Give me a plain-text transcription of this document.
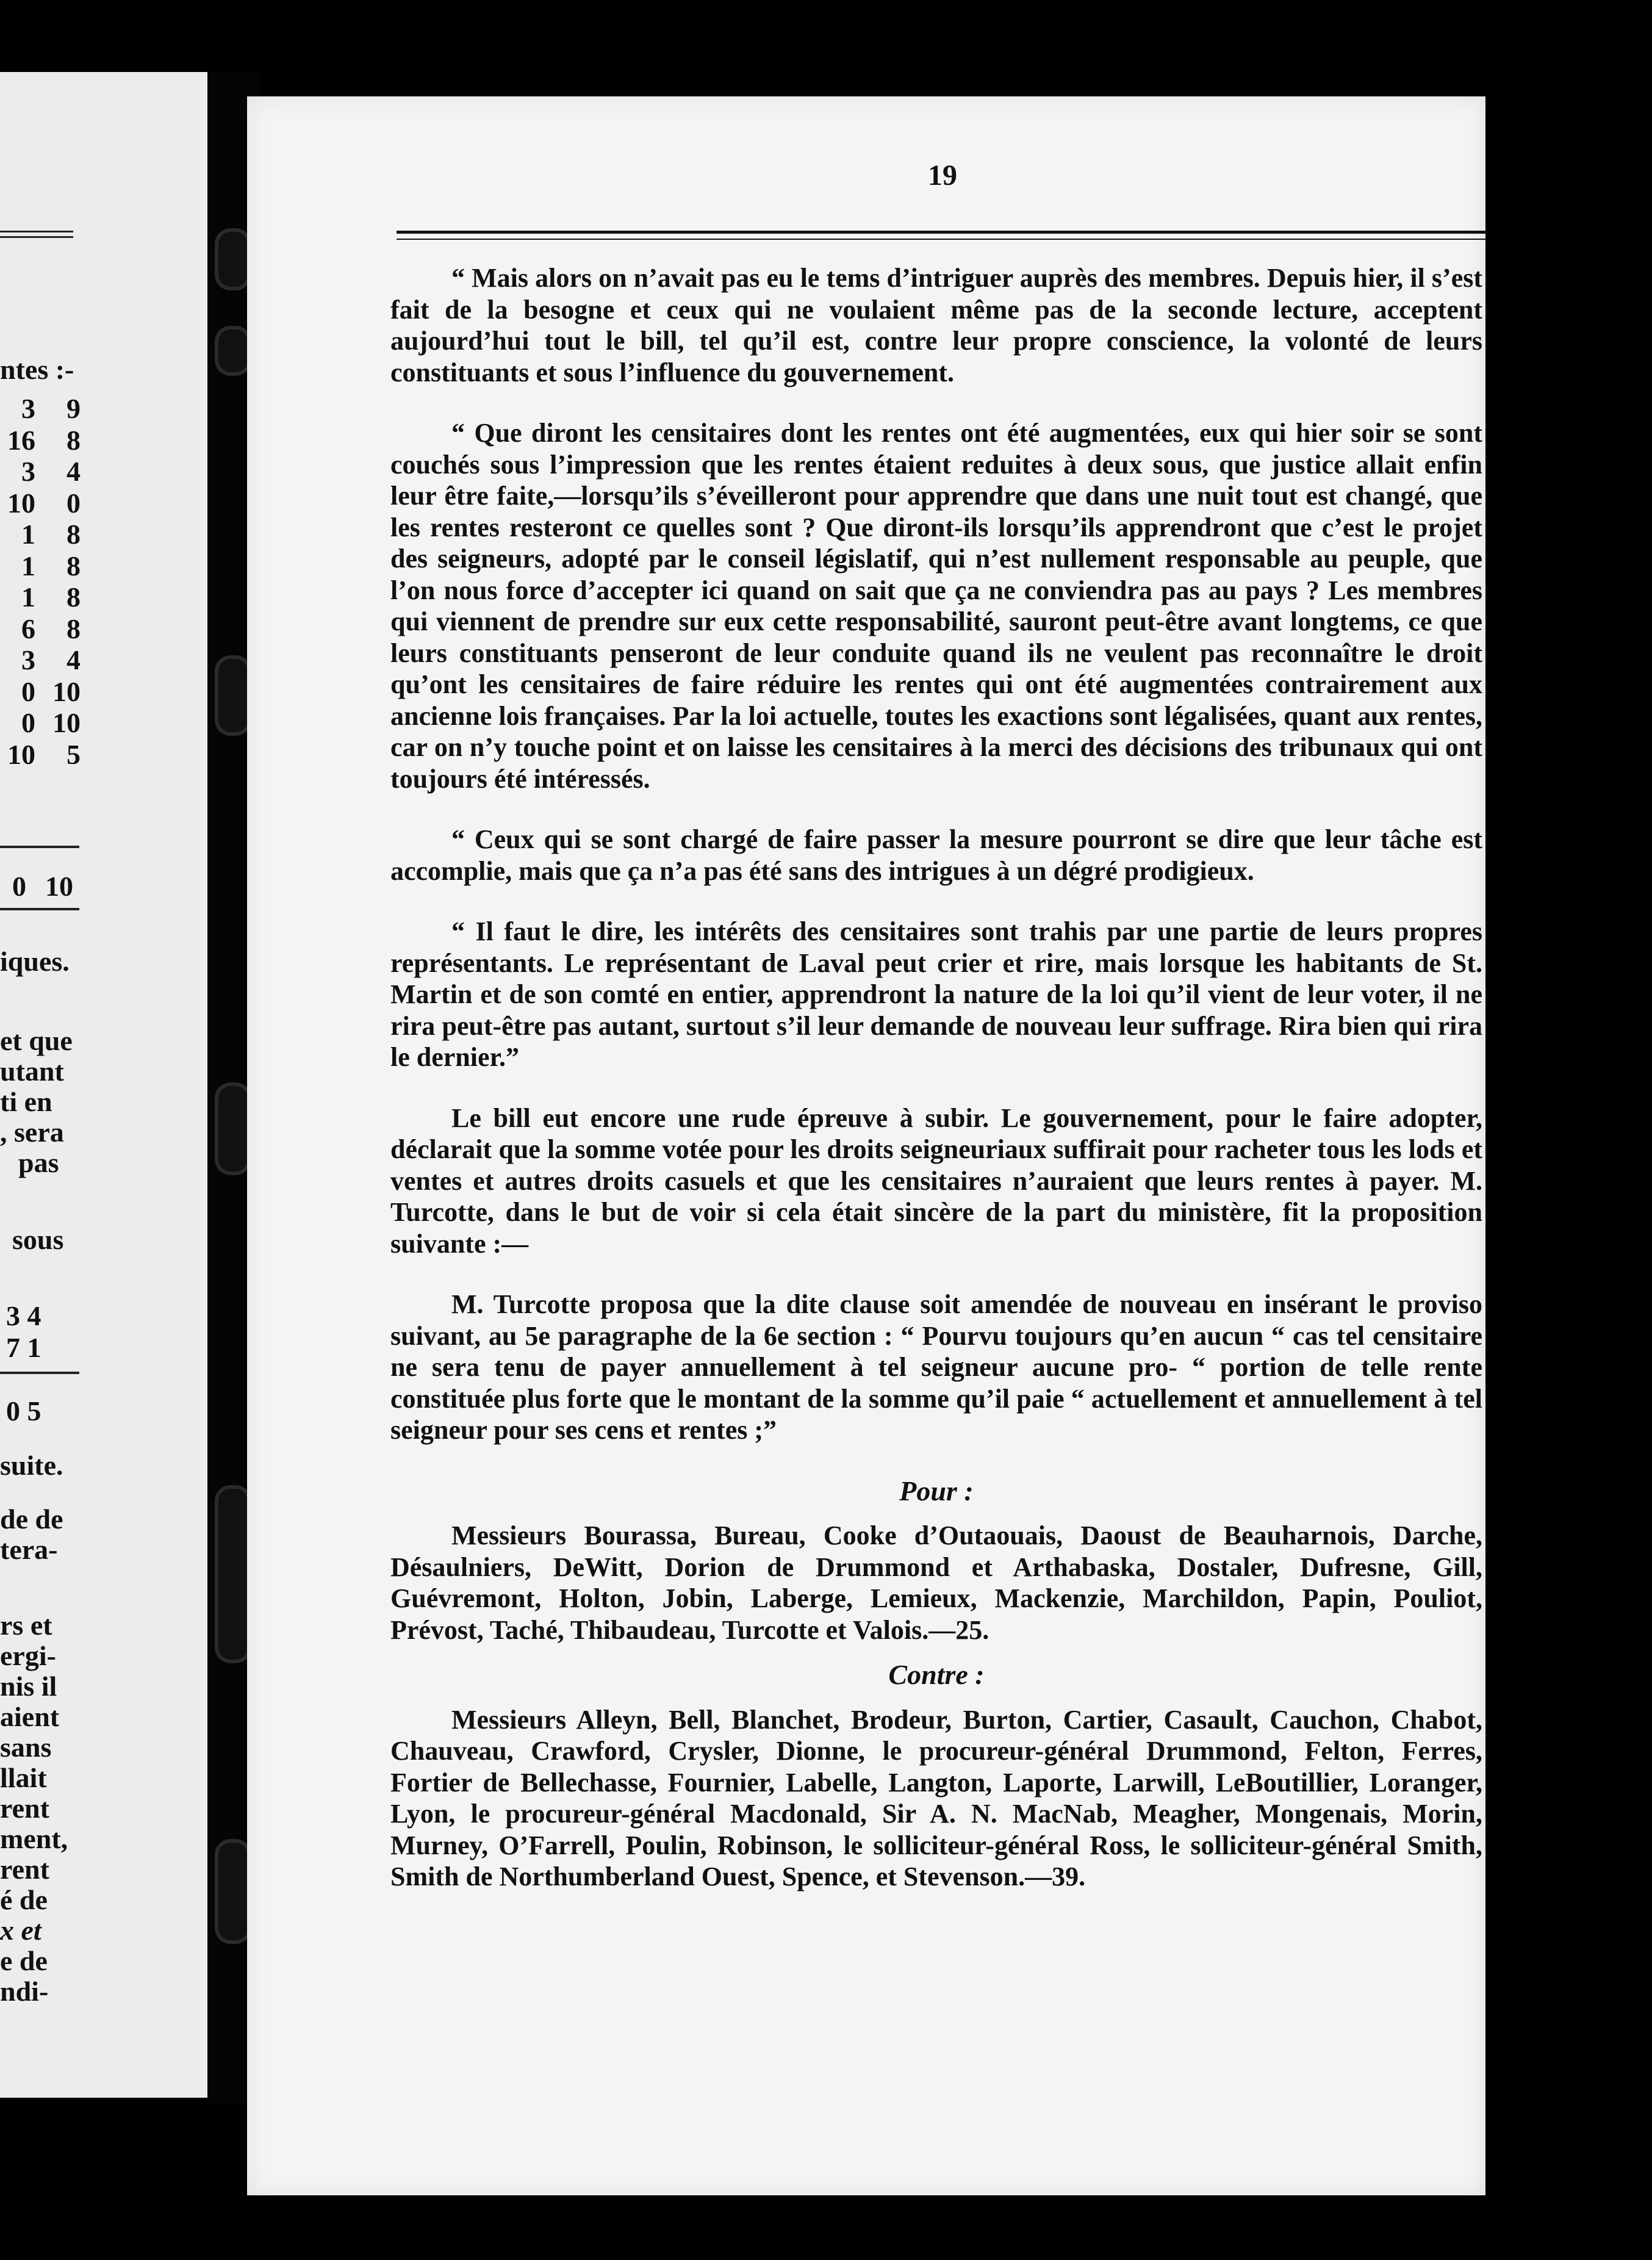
ntes :-
3	9
16	8
3	4
10	0
1	8
1	8
1	8
6	8
3	4
0 10
0 10
10	5
0 10
iques.
et que
utant
ti en
, sera
pas
sous
3 4
7 1
0 5
suite.
de de
tera-
rs et
ergi-
nis il
aient
sans
llait
rent
ment,
rent
é de
x et
e de
ndi-
19

“ Mais alors on n’avait pas eu le tems d’intriguer auprès des membres. Depuis hier, il s’est fait de la besogne et ceux qui ne voulaient même pas de la seconde lecture, acceptent aujourd’hui tout le bill, tel qu’il est, contre leur propre conscience, la volonté de leurs constituants et sous l’influence du gouvernement.

“ Que diront les censitaires dont les rentes ont été augmentées, eux qui hier soir se sont couchés sous l’impression que les rentes étaient reduites à deux sous, que justice allait enfin leur être faite,—lorsqu’ils s’éveilleront pour apprendre que dans une nuit tout est changé, que les rentes resteront ce quelles sont ? Que diront-ils lorsqu’ils apprendront que c’est le projet des seigneurs, adopté par le conseil législatif, qui n’est nullement responsable au peuple, que l’on nous force d’accepter ici quand on sait que ça ne conviendra pas au pays ? Les membres qui viennent de prendre sur eux cette responsabilité, sauront peut-être avant longtems, ce que leurs constituants penseront de leur conduite quand ils ne veulent pas reconnaître le droit qu’ont les censitaires de faire réduire les rentes qui ont été augmentées contrairement aux ancienne lois françaises. Par la loi actuelle, toutes les exactions sont légalisées, quant aux rentes, car on n’y touche point et on laisse les censitaires à la merci des décisions des tribunaux qui ont toujours été intéressés.

“ Ceux qui se sont chargé de faire passer la mesure pourront se dire que leur tâche est accomplie, mais que ça n’a pas été sans des intrigues à un dégré prodigieux.

“ Il faut le dire, les intérêts des censitaires sont trahis par une partie de leurs propres représentants. Le représentant de Laval peut crier et rire, mais lorsque les habitants de St. Martin et de son comté en entier, apprendront la nature de la loi qu’il vient de leur voter, il ne rira peut-être pas autant, surtout s’il leur demande de nouveau leur suffrage. Rira bien qui rira le dernier.”

Le bill eut encore une rude épreuve à subir. Le gouvernement, pour le faire adopter, déclarait que la somme votée pour les droits seigneuriaux suffirait pour racheter tous les lods et ventes et autres droits casuels et que les censitaires n’auraient que leurs rentes à payer. M. Turcotte, dans le but de voir si cela était sincère de la part du ministère, fit la proposition suivante :—

M. Turcotte proposa que la dite clause soit amendée de nouveau en insérant le proviso suivant, au 5e paragraphe de la 6e section : “ Pourvu toujours qu’en aucun “ cas tel censitaire ne sera tenu de payer annuellement à tel seigneur aucune pro- “ portion de telle rente constituée plus forte que le montant de la somme qu’il paie “ actuellement et annuellement à tel seigneur pour ses cens et rentes ;”

Pour :

Messieurs Bourassa, Bureau, Cooke d’Outaouais, Daoust de Beauharnois, Darche, Désaulniers, DeWitt, Dorion de Drummond et Arthabaska, Dostaler, Dufresne, Gill, Guévremont, Holton, Jobin, Laberge, Lemieux, Mackenzie, Marchildon, Papin, Pouliot, Prévost, Taché, Thibaudeau, Turcotte et Valois.—25.

Contre :

Messieurs Alleyn, Bell, Blanchet, Brodeur, Burton, Cartier, Casault, Cauchon, Chabot, Chauveau, Crawford, Crysler, Dionne, le procureur-général Drummond, Felton, Ferres, Fortier de Bellechasse, Fournier, Labelle, Langton, Laporte, Larwill, LeBoutillier, Loranger, Lyon, le procureur-général Macdonald, Sir A. N. MacNab, Meagher, Mongenais, Morin, Murney, O’Farrell, Poulin, Robinson, le solliciteur-général Ross, le solliciteur-général Smith, Smith de Northumberland Ouest, Spence, et Stevenson.—39.
